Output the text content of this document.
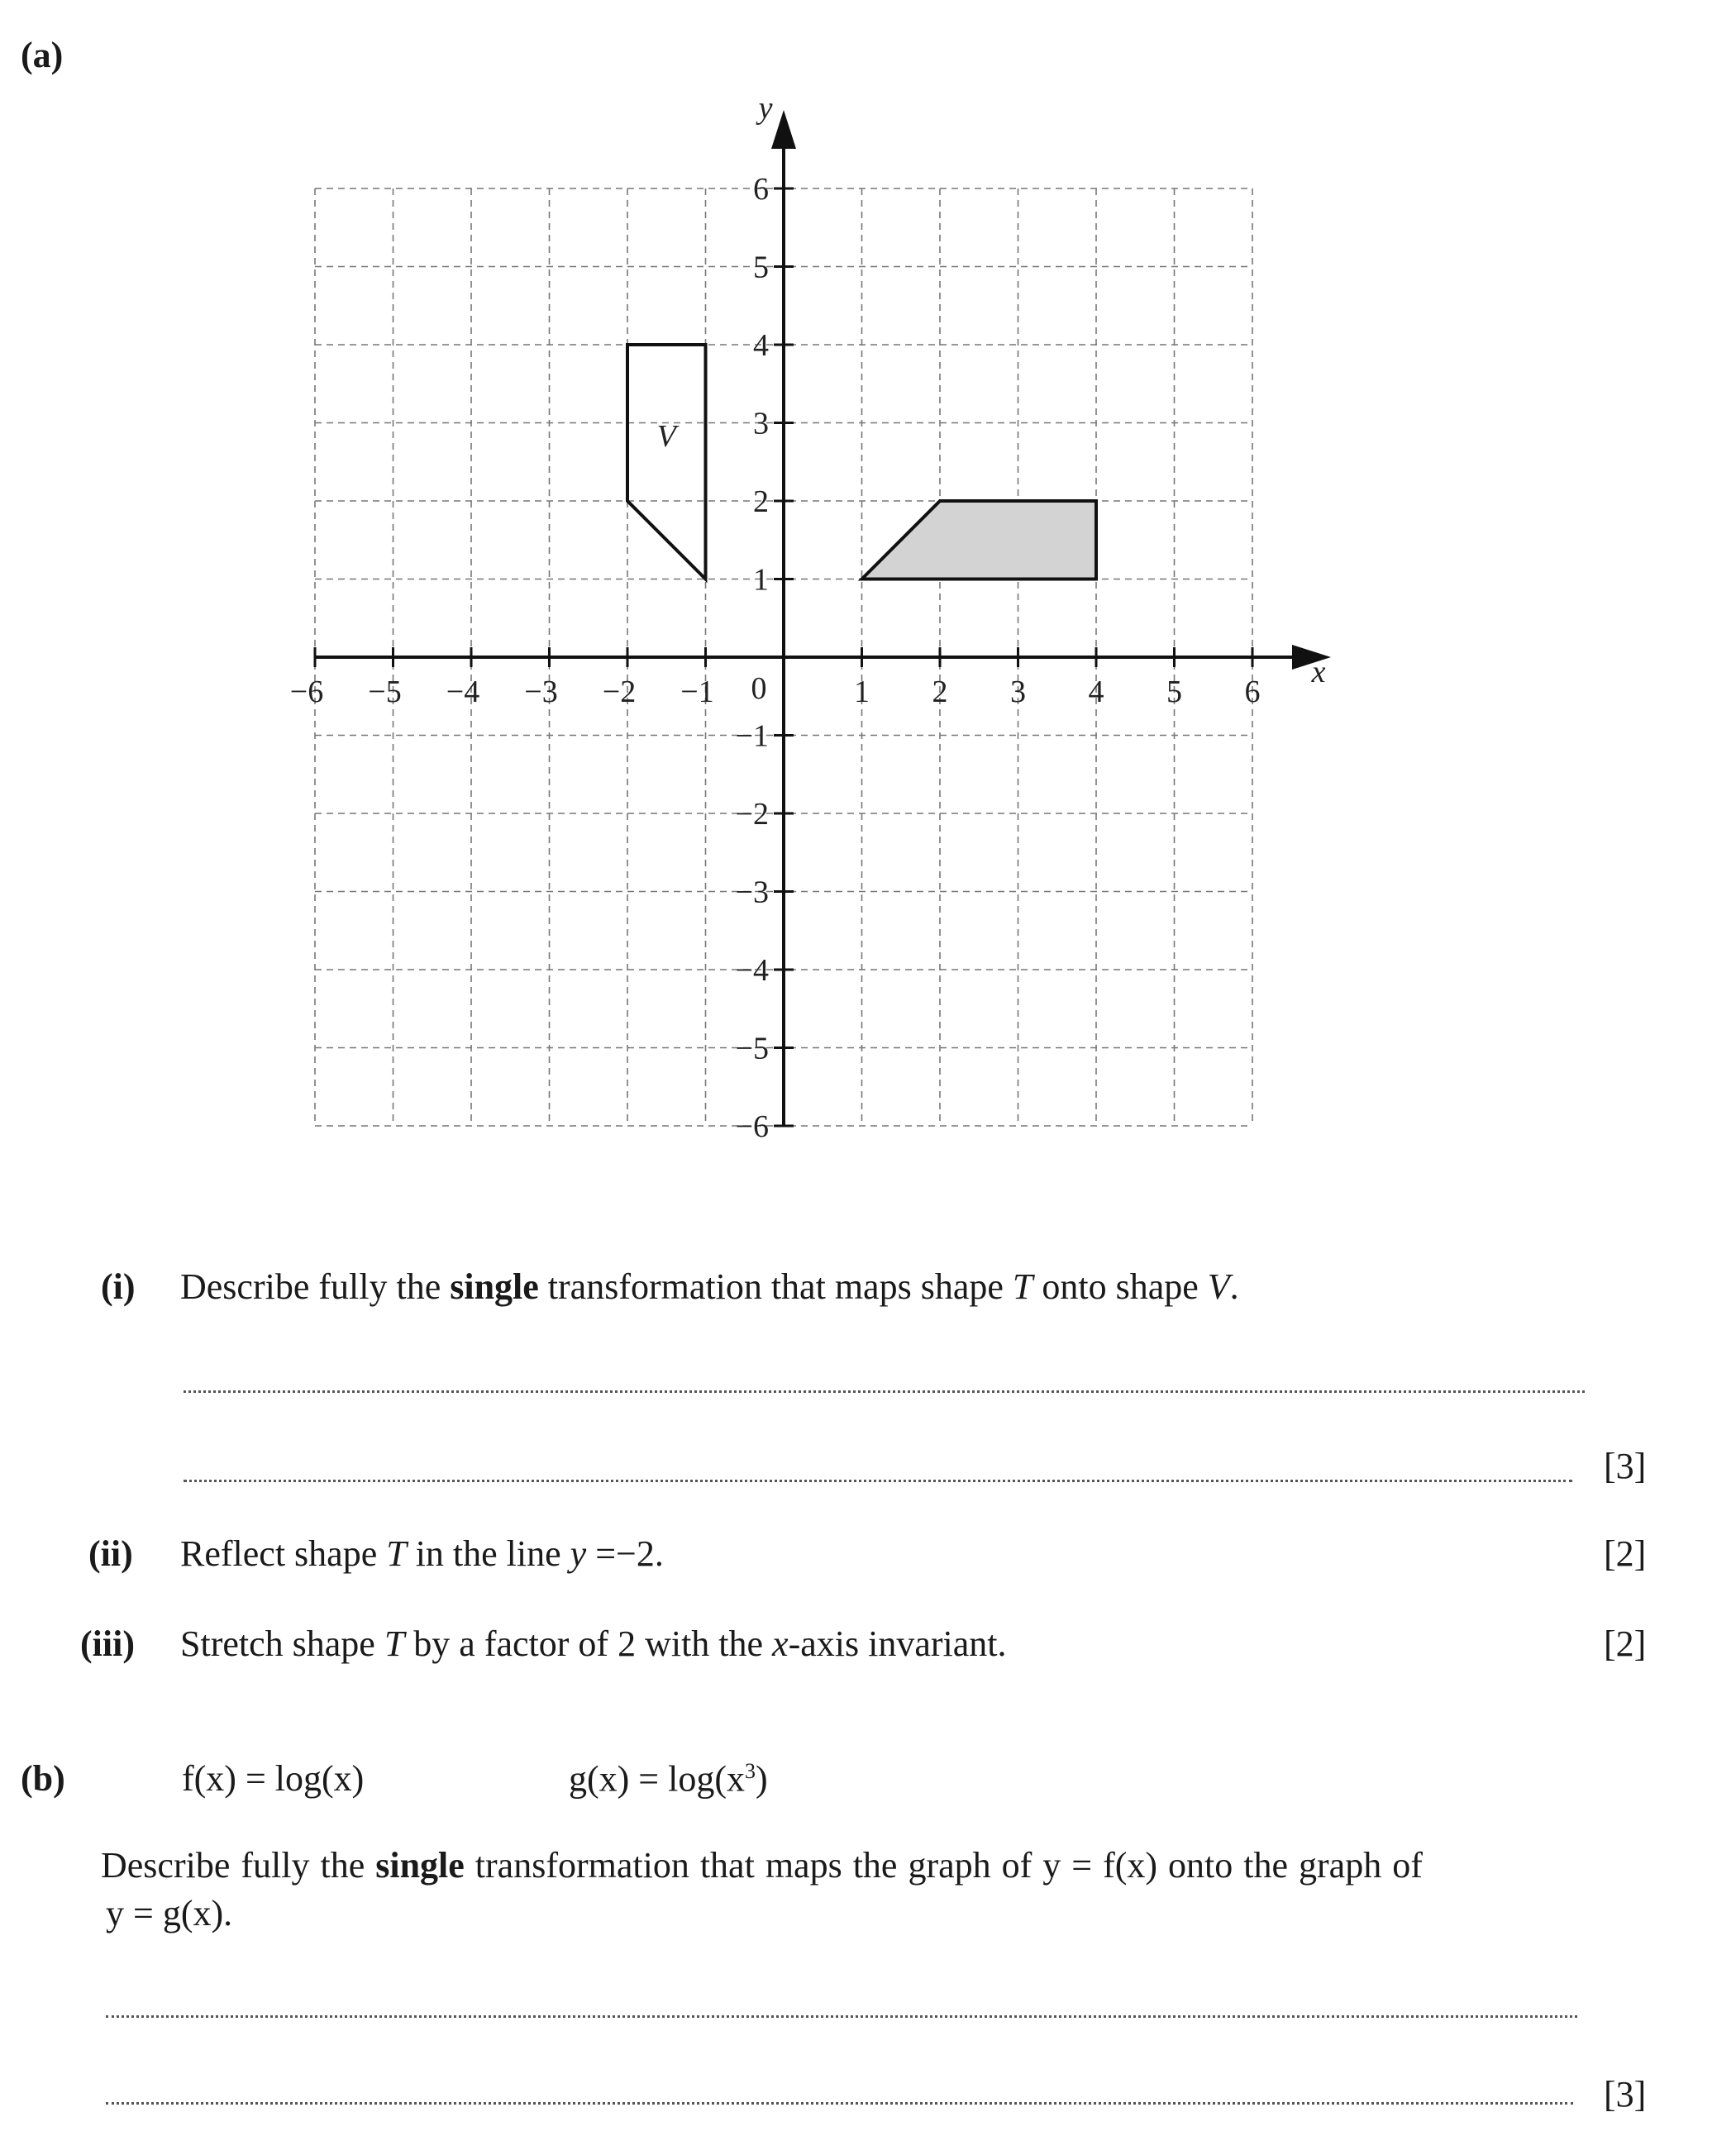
(a)
−6 −5 −4 −3 −2 −1	1 2 3 4 5 6
6
5
4
3
2
1
−1
−2
−3
−4
−5
−6
0	x
y
V
(i) Describe fully the single transformation that maps shape T onto shape V.
[3]
(ii) Reflect shape T in the line y =−2.	[2]
(iii) Stretch shape T by a factor of 2 with the x-axis invariant.	[2]
(b)	f(x) = log(x)	$g(x) = \log(x^3)$
Describe fully the single transformation that maps the graph of y = f(x) onto the graph of
y = g(x).
[3]
